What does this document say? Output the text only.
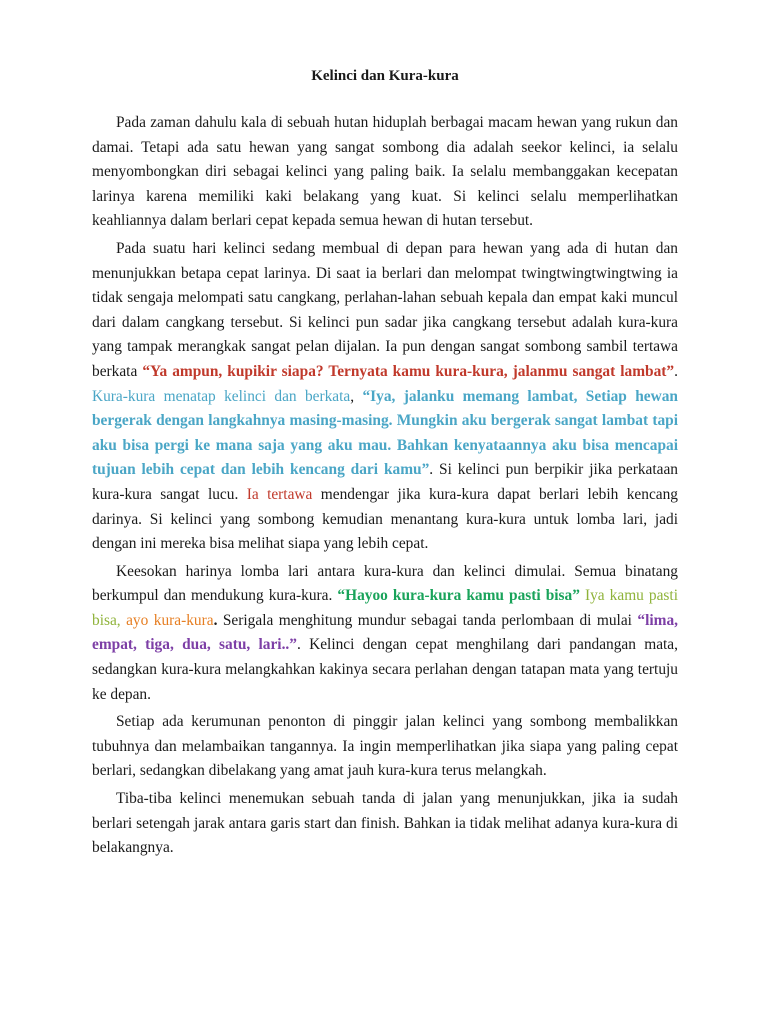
Kelinci dan Kura-kura

Pada zaman dahulu kala di sebuah hutan hiduplah berbagai macam hewan yang rukun dan damai. Tetapi ada satu hewan yang sangat sombong dia adalah seekor kelinci, ia selalu menyombongkan diri sebagai kelinci yang paling baik. Ia selalu membanggakan kecepatan larinya karena memiliki kaki belakang yang kuat. Si kelinci selalu memperlihatkan keahliannya dalam berlari cepat kepada semua hewan di hutan tersebut.

Pada suatu hari kelinci sedang membual di depan para hewan yang ada di hutan dan menunjukkan betapa cepat larinya. Di saat ia berlari dan melompat twingtwingtwingtwing ia tidak sengaja melompati satu cangkang, perlahan-lahan sebuah kepala dan empat kaki muncul dari dalam cangkang tersebut. Si kelinci pun sadar jika cangkang tersebut adalah kura-kura yang tampak merangkak sangat pelan dijalan. Ia pun dengan sangat sombong sambil tertawa berkata “Ya ampun, kupikir siapa? Ternyata kamu kura-kura, jalanmu sangat lambat”. Kura-kura menatap kelinci dan berkata, “Iya, jalanku memang lambat, Setiap hewan bergerak dengan langkahnya masing-masing. Mungkin aku bergerak sangat lambat tapi aku bisa pergi ke mana saja yang aku mau. Bahkan kenyataannya aku bisa mencapai tujuan lebih cepat dan lebih kencang dari kamu”. Si kelinci pun berpikir jika perkataan kura-kura sangat lucu. Ia tertawa mendengar jika kura-kura dapat berlari lebih kencang darinya. Si kelinci yang sombong kemudian menantang kura-kura untuk lomba lari, jadi dengan ini mereka bisa melihat siapa yang lebih cepat.

Keesokan harinya lomba lari antara kura-kura dan kelinci dimulai. Semua binatang berkumpul dan mendukung kura-kura. “Hayoo kura-kura kamu pasti bisa” Iya kamu pasti bisa, ayo kura-kura. Serigala menghitung mundur sebagai tanda perlombaan di mulai “lima, empat, tiga, dua, satu, lari..”. Kelinci dengan cepat menghilang dari pandangan mata, sedangkan kura-kura melangkahkan kakinya secara perlahan dengan tatapan mata yang tertuju ke depan.

Setiap ada kerumunan penonton di pinggir jalan kelinci yang sombong membalikkan tubuhnya dan melambaikan tangannya. Ia ingin memperlihatkan jika siapa yang paling cepat berlari, sedangkan dibelakang yang amat jauh kura-kura terus melangkah.

Tiba-tiba kelinci menemukan sebuah tanda di jalan yang menunjukkan, jika ia sudah berlari setengah jarak antara garis start dan finish. Bahkan ia tidak melihat adanya kura-kura di belakangnya.
